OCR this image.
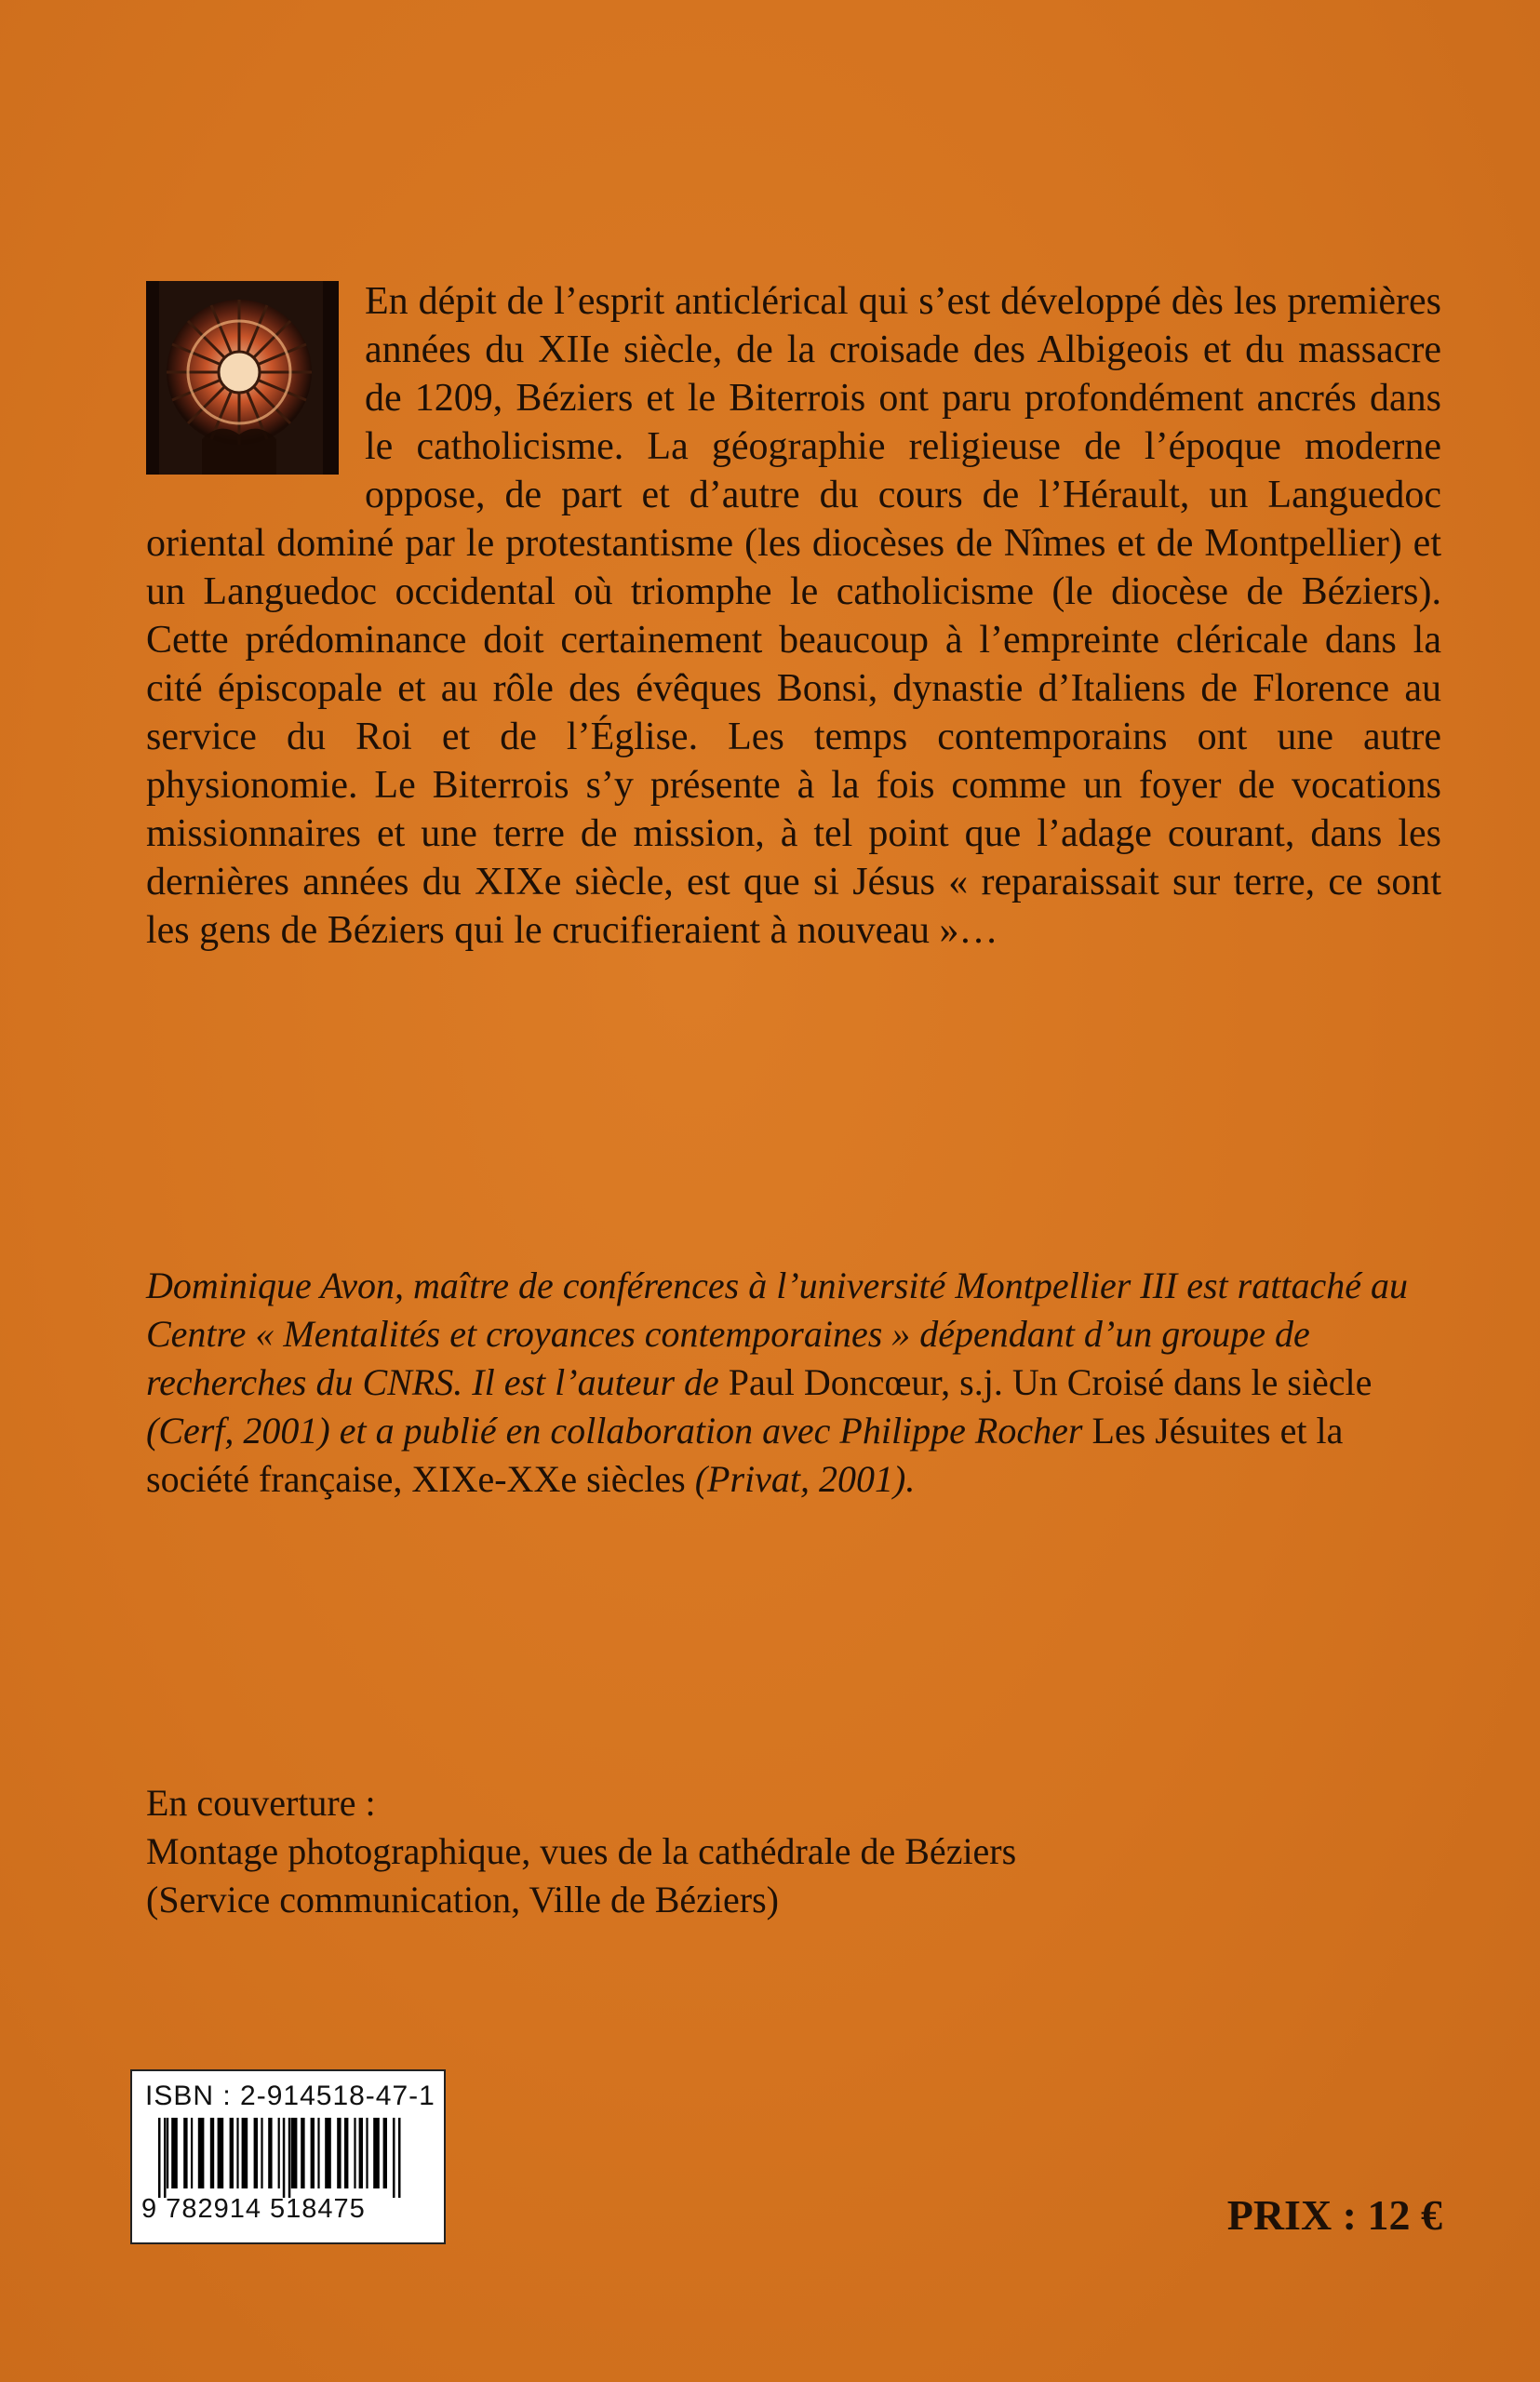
En dépit de l’esprit anticlérical qui s’est développé dès les premières années du XIIe siècle, de la croisade des Albigeois et du massacre de 1209, Béziers et le Biterrois ont paru profondément ancrés dans le catholicisme. La géographie religieuse de l’époque moderne oppose, de part et d’autre du cours de l’Hérault, un Languedoc oriental dominé par le protestantisme (les diocèses de Nîmes et de Montpellier) et un Languedoc occidental où triomphe le catholicisme (le diocèse de Béziers). Cette prédominance doit certainement beaucoup à l’empreinte cléricale dans la cité épiscopale et au rôle des évêques Bonsi, dynastie d’Italiens de Florence au service du Roi et de l’Église. Les temps contemporains ont une autre physionomie. Le Biterrois s’y présente à la fois comme un foyer de vocations missionnaires et une terre de mission, à tel point que l’adage courant, dans les dernières années du XIXe siècle, est que si Jésus « reparaissait sur terre, ce sont les gens de Béziers qui le crucifieraient à nouveau »…

Dominique Avon, maître de conférences à l’université Montpellier III est rattaché au Centre « Mentalités et croyances contemporaines » dépendant d’un groupe de recherches du CNRS. Il est l’auteur de Paul Doncœur, s.j. Un Croisé dans le siècle (Cerf, 2001) et a publié en collaboration avec Philippe Rocher Les Jésuites et la société française, XIXe-XXe siècles (Privat, 2001).

En couverture :
Montage photographique, vues de la cathédrale de Béziers
(Service communication, Ville de Béziers)
ISBN : 2-914518-47-1
9 782914 518475	PRIX : 12 €
